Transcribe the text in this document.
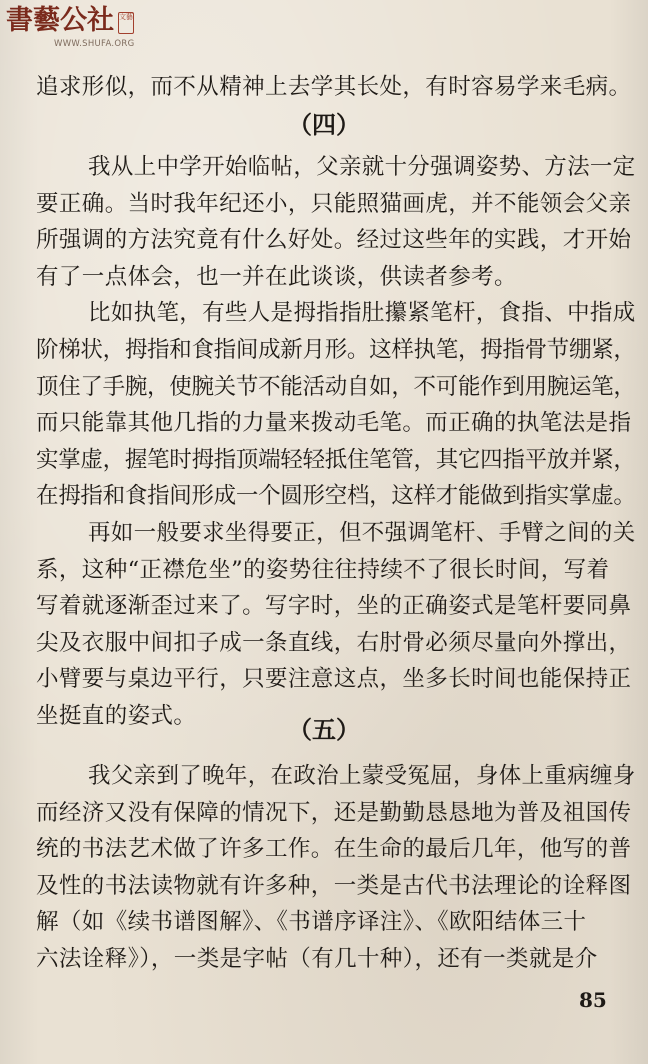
書藝公社 文藝
WWW.SHUFA.ORG
追求形似，而不从精神上去学其长处，有时容易学来毛病。
（四）
我从上中学开始临帖，父亲就十分强调姿势、方法一定
要正确。当时我年纪还小，只能照猫画虎，并不能领会父亲
所强调的方法究竟有什么好处。经过这些年的实践，才开始
有了一点体会，也一并在此谈谈，供读者参考。
比如执笔，有些人是拇指指肚攥紧笔杆，食指、中指成
阶梯状，拇指和食指间成新月形。这样执笔，拇指骨节绷紧，
顶住了手腕，使腕关节不能活动自如，不可能作到用腕运笔，
而只能靠其他几指的力量来拨动毛笔。而正确的执笔法是指
实掌虚，握笔时拇指顶端轻轻抵住笔管，其它四指平放并紧，
在拇指和食指间形成一个圆形空档，这样才能做到指实掌虚。
再如一般要求坐得要正，但不强调笔杆、手臂之间的关
系，这种“正襟危坐”的姿势往往持续不了很长时间，写着
写着就逐渐歪过来了。写字时，坐的正确姿式是笔杆要同鼻
尖及衣服中间扣子成一条直线，右肘骨必须尽量向外撑出，
小臂要与桌边平行，只要注意这点，坐多长时间也能保持正
坐挺直的姿式。	（五）
我父亲到了晚年，在政治上蒙受冤屈，身体上重病缠身
而经济又没有保障的情况下，还是勤勤恳恳地为普及祖国传
统的书法艺术做了许多工作。在生命的最后几年，他写的普
及性的书法读物就有许多种，一类是古代书法理论的诠释图
解（如《续书谱图解》、《书谱序译注》、《欧阳结体三十
六法诠释》），一类是字帖（有几十种），还有一类就是介
85
